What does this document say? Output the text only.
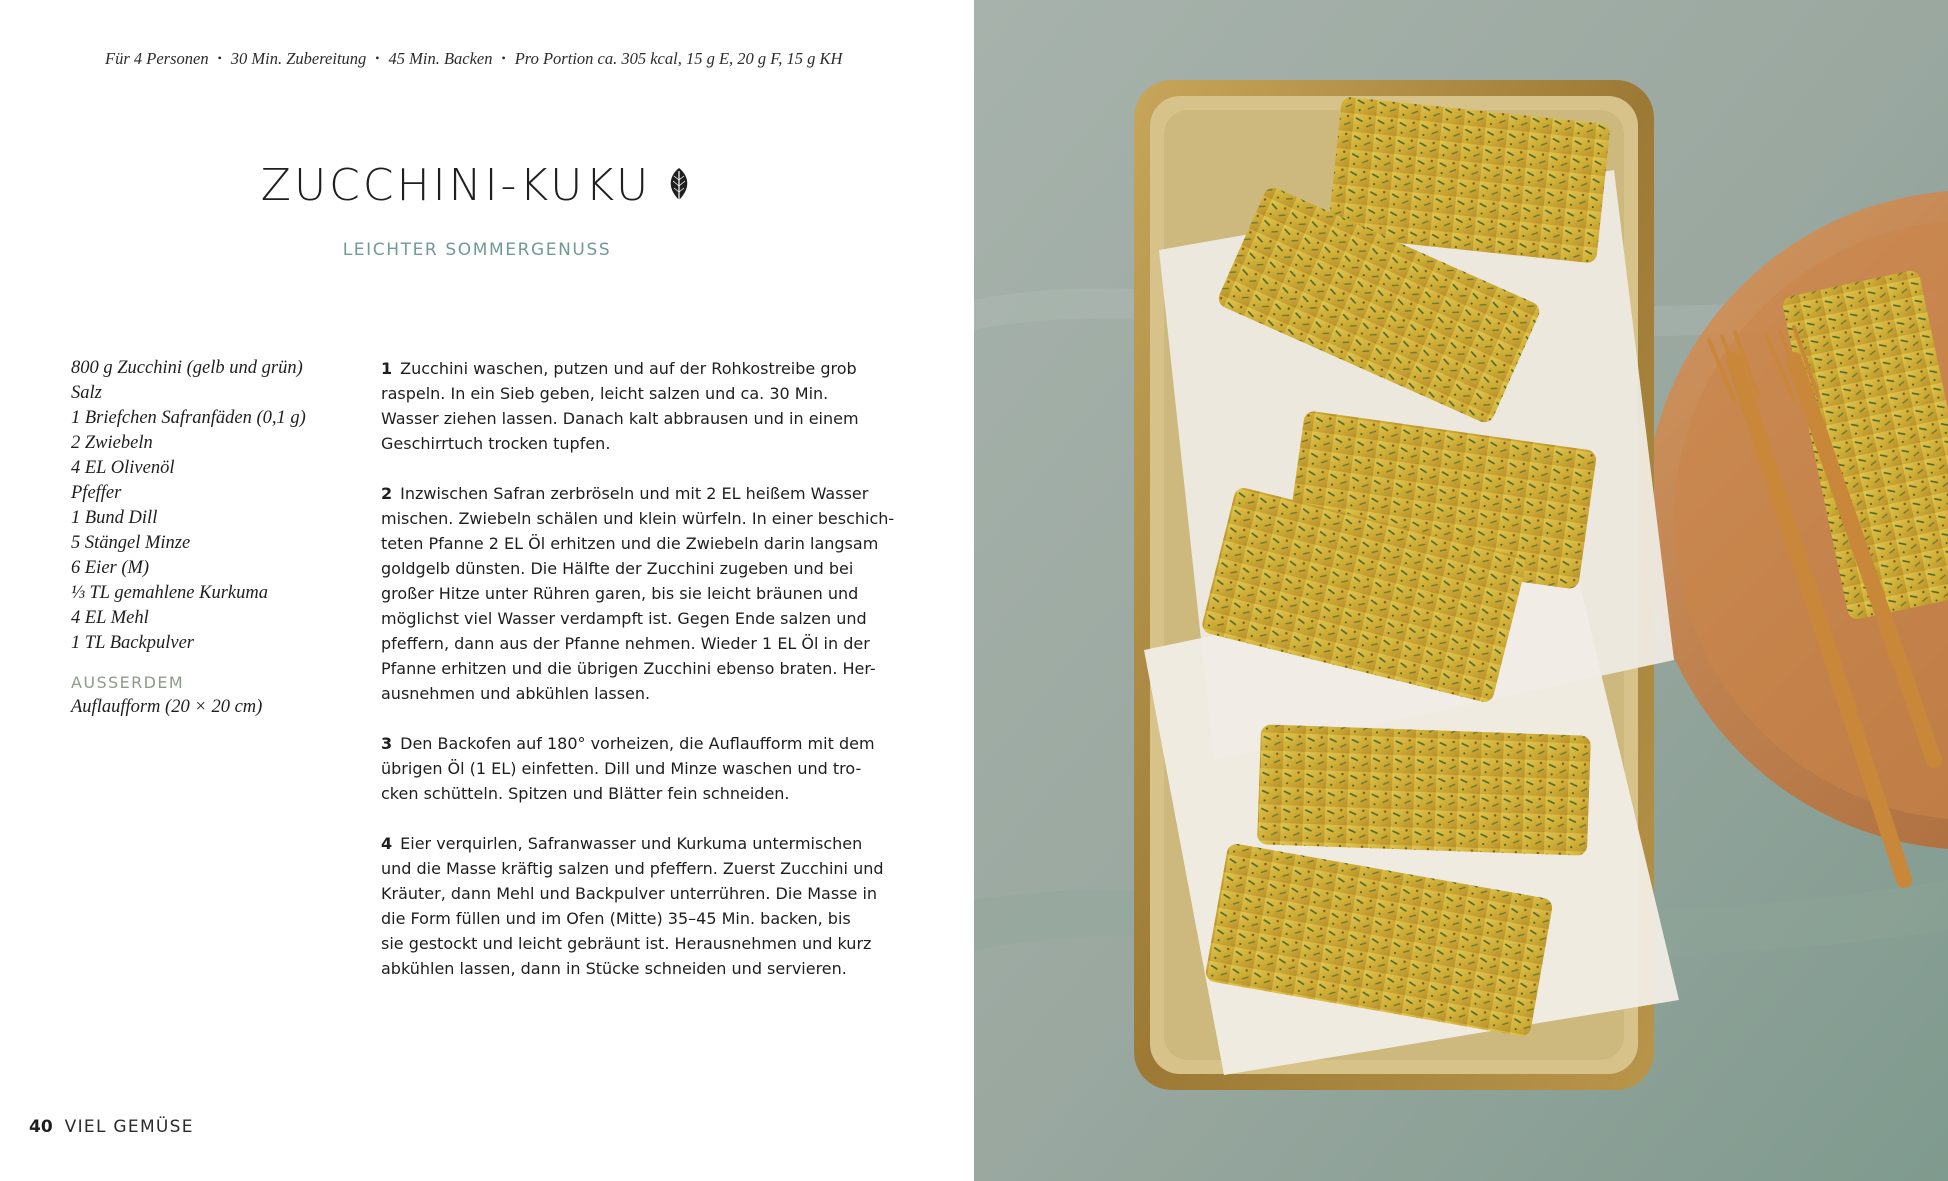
Für 4 Personen • 30 Min. Zubereitung • 45 Min. Backen • Pro Portion ca. 305 kcal, 15 g E, 20 g F, 15 g KH
ZUCCHINI-KUKU
LEICHTER SOMMERGENUSS
800 g Zucchini (gelb und grün)
Salz
1 Briefchen Safranfäden (0,1 g)
2 Zwiebeln
4 EL Olivenöl
Pfeffer
1 Bund Dill
5 Stängel Minze
6 Eier (M)
⅓ TL gemahlene Kurkuma
4 EL Mehl
1 TL Backpulver
AUSSERDEM
Auflaufform (20 × 20 cm)
1 Zucchini waschen, putzen und auf der Rohkostreibe grob
raspeln. In ein Sieb geben, leicht salzen und ca. 30 Min.
Wasser ziehen lassen. Danach kalt abbrausen und in einem
Geschirrtuch trocken tupfen.
2 Inzwischen Safran zerbröseln und mit 2 EL heißem Wasser
mischen. Zwiebeln schälen und klein würfeln. In einer beschich-
teten Pfanne 2 EL Öl erhitzen und die Zwiebeln darin langsam
goldgelb dünsten. Die Hälfte der Zucchini zugeben und bei
großer Hitze unter Rühren garen, bis sie leicht bräunen und
möglichst viel Wasser verdampft ist. Gegen Ende salzen und
pfeffern, dann aus der Pfanne nehmen. Wieder 1 EL Öl in der
Pfanne erhitzen und die übrigen Zucchini ebenso braten. Her-
ausnehmen und abkühlen lassen.
3 Den Backofen auf 180° vorheizen, die Auflaufform mit dem
übrigen Öl (1 EL) einfetten. Dill und Minze waschen und tro-
cken schütteln. Spitzen und Blätter fein schneiden.
4 Eier verquirlen, Safranwasser und Kurkuma untermischen
und die Masse kräftig salzen und pfeffern. Zuerst Zucchini und
Kräuter, dann Mehl und Backpulver unterrühren. Die Masse in
die Form füllen und im Ofen (Mitte) 35–45 Min. backen, bis
sie gestockt und leicht gebräunt ist. Herausnehmen und kurz
abkühlen lassen, dann in Stücke schneiden und servieren.
40 VIEL GEMÜSE
